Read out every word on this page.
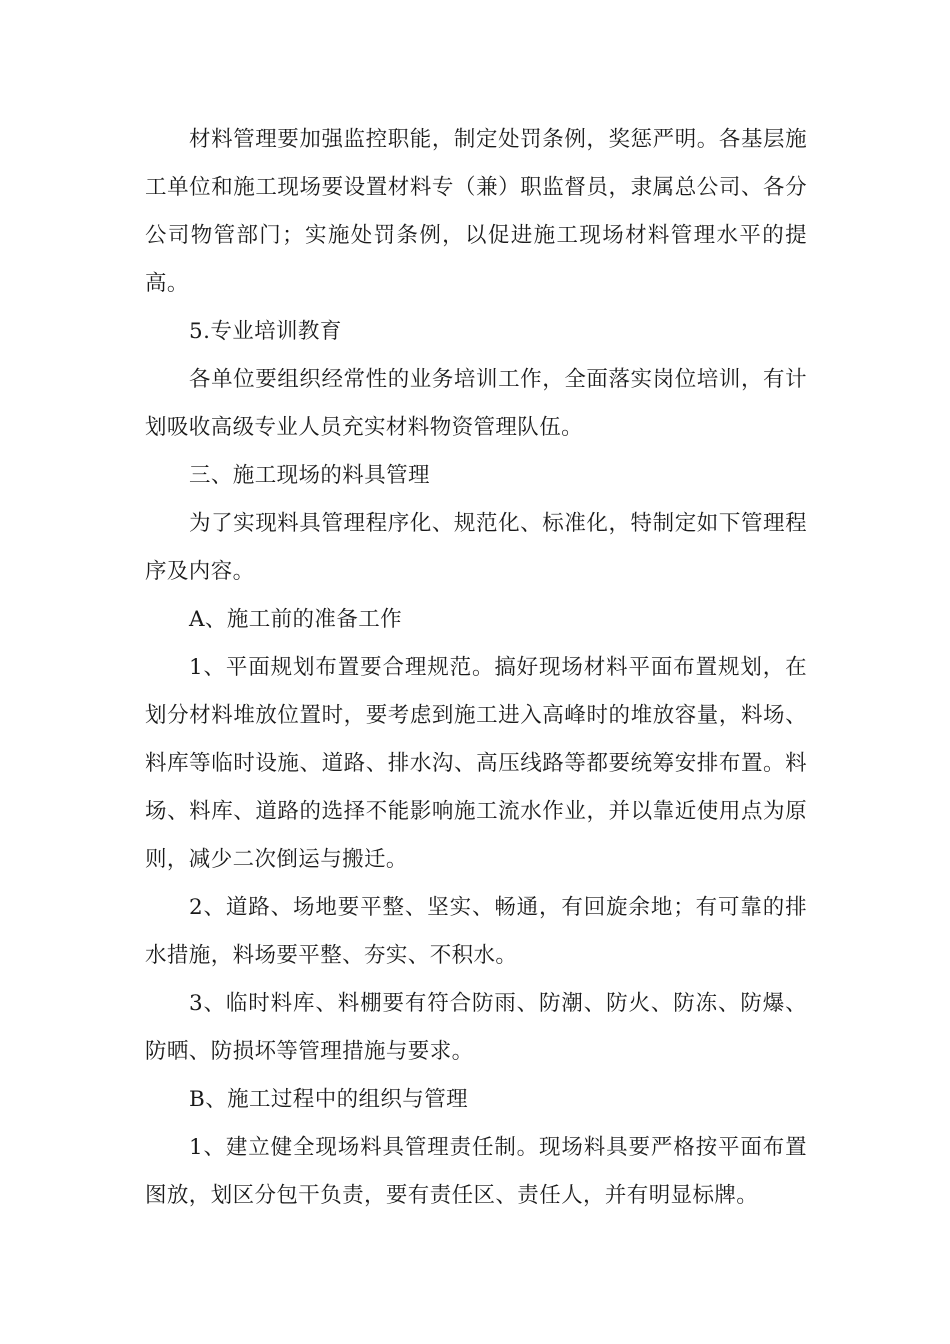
材料管理要加强监控职能，制定处罚条例，奖惩严明。各基层施工单位和施工现场要设置材料专（兼）职监督员，隶属总公司、各分公司物管部门；实施处罚条例，以促进施工现场材料管理水平的提高。

5.专业培训教育

各单位要组织经常性的业务培训工作，全面落实岗位培训，有计划吸收高级专业人员充实材料物资管理队伍。

三、施工现场的料具管理

为了实现料具管理程序化、规范化、标准化，特制定如下管理程序及内容。

A、施工前的准备工作

1、平面规划布置要合理规范。搞好现场材料平面布置规划，在划分材料堆放位置时，要考虑到施工进入高峰时的堆放容量，料场、料库等临时设施、道路、排水沟、高压线路等都要统筹安排布置。料场、料库、道路的选择不能影响施工流水作业，并以靠近使用点为原则，减少二次倒运与搬迁。

2、道路、场地要平整、坚实、畅通，有回旋余地；有可靠的排水措施，料场要平整、夯实、不积水。

3、临时料库、料棚要有符合防雨、防潮、防火、防冻、防爆、防晒、防损坏等管理措施与要求。

B、施工过程中的组织与管理

1、建立健全现场料具管理责任制。现场料具要严格按平面布置图放，划区分包干负责，要有责任区、责任人，并有明显标牌。
